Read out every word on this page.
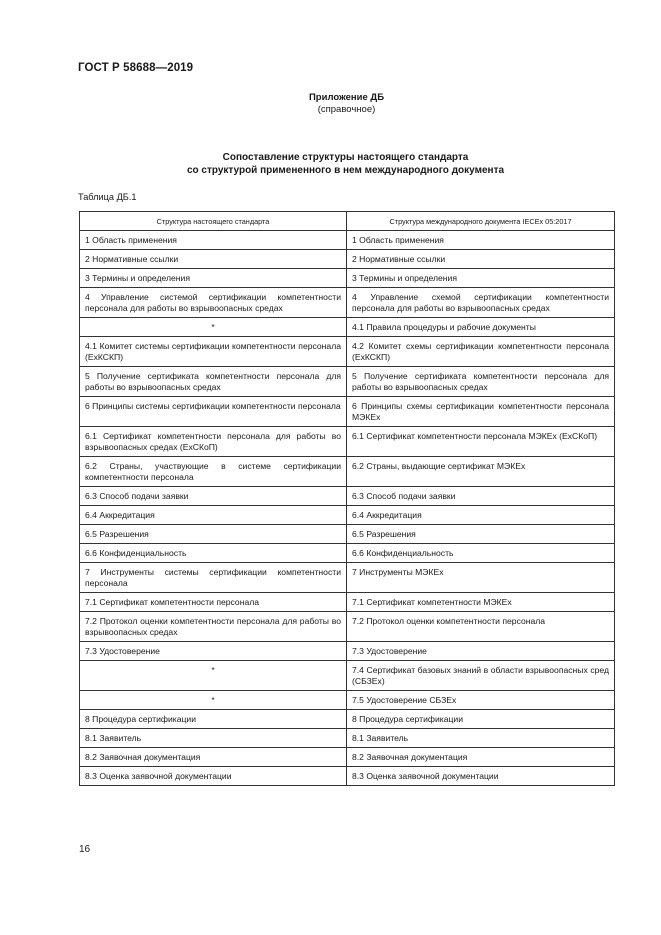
ГОСТ Р 58688—2019
Приложение ДБ
(справочное)
Сопоставление структуры настоящего стандарта
со структурой примененного в нем международного документа
Таблица ДБ.1
Структура настоящего стандарта	Структура международного документа IECEx 05:2017
1 Область применения	1 Область применения
2 Нормативные ссылки	2 Нормативные ссылки
3 Термины и определения	3 Термины и определения
4 Управление системой сертификации компетентности персонала для работы во взрывоопасных средах	4 Управление схемой сертификации компетентности персонала для работы во взрывоопасных средах
*	4.1 Правила процедуры и рабочие документы
4.1 Комитет системы сертификации компетентности персонала (ЕхКСКП)	4.2 Комитет схемы сертификации компетентности персонала (ЕхКСКП)
5 Получение сертификата компетентности персонала для работы во взрывоопасных средах	5 Получение сертификата компетентности персонала для работы во взрывоопасных средах
6 Принципы системы сертификации компетентности персонала	6 Принципы схемы сертификации компетентности персонала МЭКЕх
6.1 Сертификат компетентности персонала для работы во взрывоопасных средах (ЕхСКоП)	6.1 Сертификат компетентности персонала МЭКЕх (ЕхСКоП)
6.2 Страны, участвующие в системе сертификации компетентности персонала	6.2 Страны, выдающие сертификат МЭКЕх
6.3 Способ подачи заявки	6.3 Способ подачи заявки
6.4 Аккредитация	6.4 Аккредитация
6.5 Разрешения	6.5 Разрешения
6.6 Конфиденциальность	6.6 Конфиденциальность
7 Инструменты системы сертификации компетентности персонала	7 Инструменты МЭКЕх
7.1 Сертификат компетентности персонала	7.1 Сертификат компетентности МЭКЕх
7.2 Протокол оценки компетентности персонала для работы во взрывоопасных средах	7.2 Протокол оценки компетентности персонала
7.3 Удостоверение	7.3 Удостоверение
*	7.4 Сертификат базовых знаний в области взрывоопасных сред (СБЗЕх)
*	7.5 Удостоверение СБЗЕх
8 Процедура сертификации	8 Процедура сертификации
8.1 Заявитель	8.1 Заявитель
8.2 Заявочная документация	8.2 Заявочная документация
8.3 Оценка заявочной документации	8.3 Оценка заявочной документации
16
